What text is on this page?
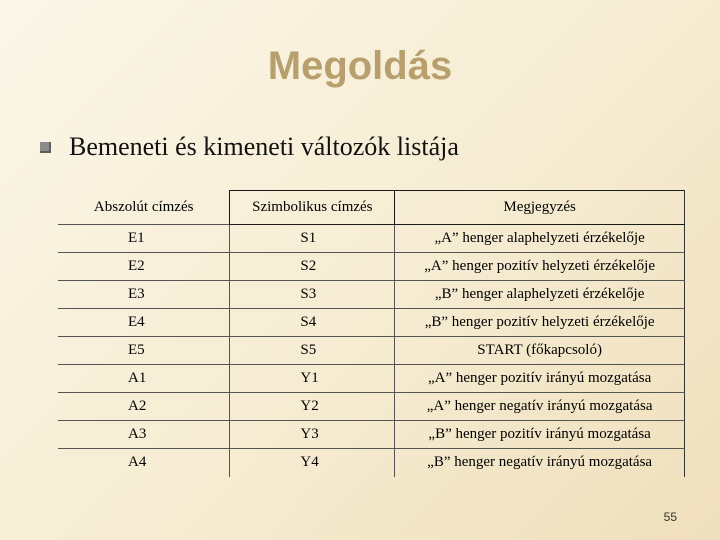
Megoldás
Bemeneti és kimeneti változók listája
Abszolút címzés	Szimbolikus címzés	Megjegyzés
E1	S1	„A” henger alaphelyzeti érzékelője
E2	S2	„A” henger pozitív helyzeti érzékelője
E3	S3	„B” henger alaphelyzeti érzékelője
E4	S4	„B” henger pozitív helyzeti érzékelője
E5	S5	START (főkapcsoló)
A1	Y1	„A” henger pozitív irányú mozgatása
A2	Y2	„A” henger negatív irányú mozgatása
A3	Y3	„B” henger pozitív irányú mozgatása
A4	Y4	„B” henger negatív irányú mozgatása
55
